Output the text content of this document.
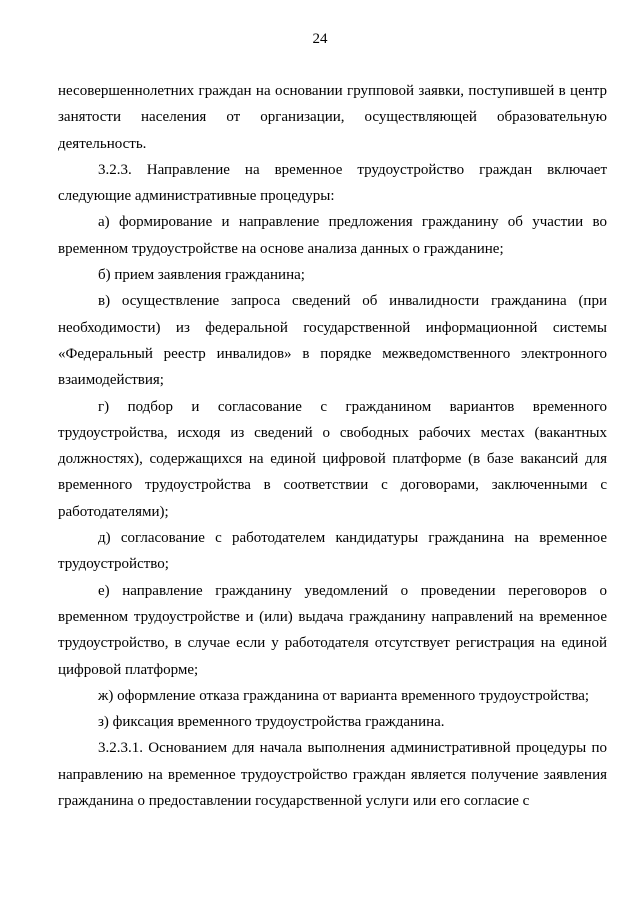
24

несовершеннолетних граждан на основании групповой заявки, поступившей в центр занятости населения от организации, осуществляющей образовательную деятельность.

3.2.3. Направление на временное трудоустройство граждан включает следующие административные процедуры:

а) формирование и направление предложения гражданину об участии во временном трудоустройстве на основе анализа данных о гражданине;

б) прием заявления гражданина;

в) осуществление запроса сведений об инвалидности гражданина (при необходимости) из федеральной государственной информационной системы «Федеральный реестр инвалидов» в порядке межведомственного электронного взаимодействия;

г) подбор и согласование с гражданином вариантов временного трудоустройства, исходя из сведений о свободных рабочих местах (вакантных должностях), содержащихся на единой цифровой платформе (в базе вакансий для временного трудоустройства в соответствии с договорами, заключенными с работодателями);

д) согласование с работодателем кандидатуры гражданина на временное трудоустройство;

е) направление гражданину уведомлений о проведении переговоров о временном трудоустройстве и (или) выдача гражданину направлений на временное трудоустройство, в случае если у работодателя отсутствует регистрация на единой цифровой платформе;

ж) оформление отказа гражданина от варианта временного трудоустройства;

з) фиксация временного трудоустройства гражданина.

3.2.3.1. Основанием для начала выполнения административной процедуры по направлению на временное трудоустройство граждан является получение заявления гражданина о предоставлении государственной услуги или его согласие с
